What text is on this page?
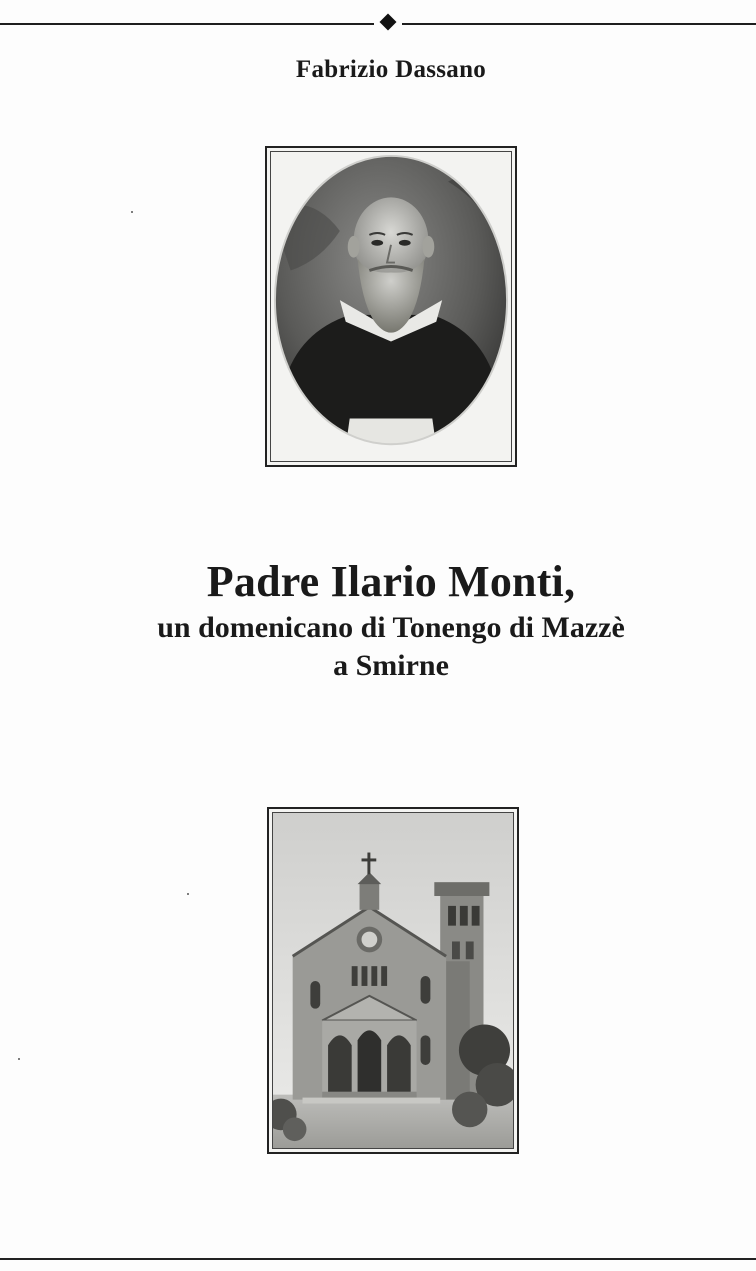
Fabrizio Dassano
Padre Ilario Monti,
un domenicano di Tonengo di Mazzè
a Smirne
